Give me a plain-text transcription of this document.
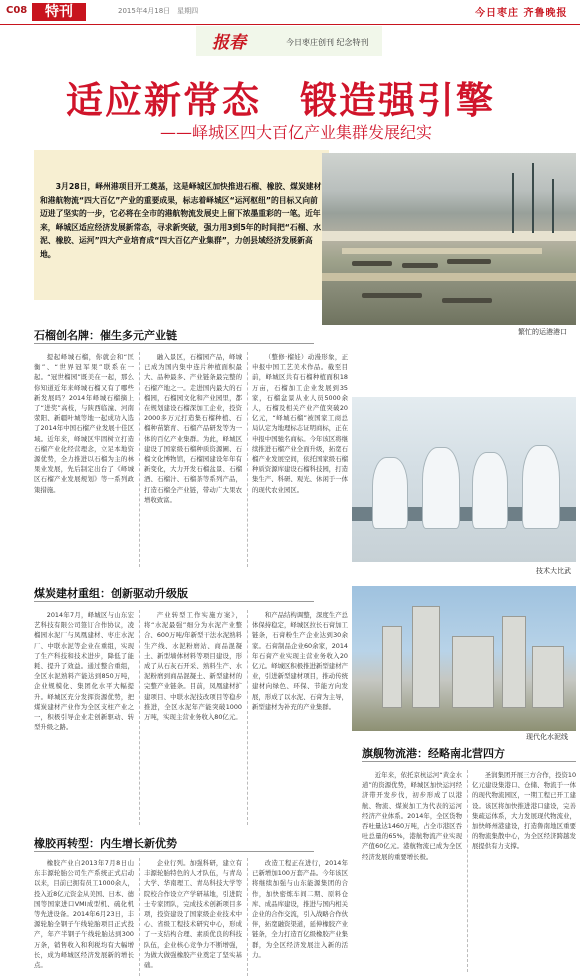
C08	特刊	2015年4月18日　星期四	今日枣庄 齐鲁晚报
报春	今日枣庄创刊 纪念特刊
适应新常态　锻造强引擎
——峄城区四大百亿产业集群发展纪实
3月28日，峄州港项目开工奠基，这是峄城区加快推进石榴、橡胶、煤炭建材和港航物流“四大百亿”产业的重要成果，标志着峄城区“运河枢纽”的目标又向前迈进了坚实的一步，它必将在全市的港航物流发展史上留下浓墨重彩的一笔。近年来，峄城区适应经济发展新常态，寻求新突破，强力用3到5年的时间把“石榴、水泥、橡胶、运河”四大产业培育成“四大百亿产业集群”，力创县域经济发展新高地。
繁忙的运港港口
技术大比武
现代化水泥线
石榴创名牌：催生多元产业链

提起峄城石榴，你就会和“匡衡”、“世界冠军果”联系在一起。“冠世榴园”既美在一起，那么你知道近年来峄城石榴又有了哪些新发展吗？2014年峄城石榴摘上了“进奖”高枝，与陕西临潼、河南荥阳、新疆叶城等地一起成功入选了2014年中国石榴产业发展十佳区域。近年来，峄城区牢固树立打造石榴产业化经营理念，立足本地资源优势，全力推进以石榴为主的林果业发展，先后制定出台了《峄城区石榴产业发展规划》等一系列政策措施。

融入景区，石榴园产品，峄城已成为国内集中连片种植面积最大、品种最多、产业链条最完整的石榴产地之一。走进国内最大的石榴园，石榴园文化和产业园里，都在规划建设石榴深加工企业，投资2000多万元打造集石榴种植、石榴种苗繁育、石榴产品研发等为一体的百亿产业集群。为此，峄城区建设了国家级石榴种质资源圃、石榴文化博物馆，石榴园建设年年有新变化，大力开发石榴盆景、石榴酒、石榴汁、石榴茶等系列产品，打造石榴全产业链，带动广大果农增收致富。

（整修·榴娃）动漫形象，正申报中国工艺美术作品。截至目前，峄城区共有石榴种植面积18万亩，石榴加工企业发展到35家，石榴盆景从业人员5000余人，石榴及相关产业产值突破20亿元，“峄城石榴”被国家工商总局认定为地理标志证明商标，正在申报中国驰名商标。今年该区将继续推进石榴产业全面升级，拓宽石榴产业发展空间，依托国家级石榴种质资源库建设石榴科技园，打造集生产、科研、观光、休闲于一体的现代农业园区。

煤炭建材重组：创新驱动升级版

2014年7月，峄城区与山东宏艺科技有限公司签订合作协议，凌榴园水泥厂与凤凰建材、枣庄水泥厂、中联水泥等企业在重组，实现了生产科技和技术进步，降低了能耗、提升了效益。通过整合重组，全区水泥熟料产能达到850万吨，企业规模化、集团化水平大幅提升。峄城区充分发挥资源优势，把煤炭建材产业作为全区支柱产业之一，积极引导企业走创新驱动、转型升级之路。

产业转型工作实施方案》，将“水泥最强”细分为水泥产业整合、600万吨/年新型干法水泥熟料生产线、水泥粉磨站、商品混凝土、新型墙体材料等项目建设，形成了从石灰石开采、熟料生产、水泥粉磨到商品混凝土、新型建材的完整产业链条。目前，凤凰建材扩建项目、中联水泥技改项目等稳步推进，全区水泥年产能突破1000万吨，实现主营业务收入80亿元。

和产品结构调整，深度生产总体保持稳定，峄城区拉长石膏加工链条，石膏粉生产企业达到30余家。石膏制品企业60余家，2014年石膏产业实现主营业务收入20亿元。峄城区积极推进新型建材产业，引进新型建材项目，推动传统建材向绿色、环保、节能方向发展，形成了以水泥、石膏为主导，新型建材为补充的产业集群。

橡胶再转型：内生增长新优势

橡胶产业自2013年7月8日山东丰源轮胎公司生产系统正式启动以来，目前已拥有员工1000余人，投入近8亿元资金从美国、日本、德国等国家进口VMI成型机、硫化机等先进设备。2014年6月23日，丰源轮胎全钢子午线轮胎项目正式投产，年产半钢子午线轮胎达到300万条，销售收入和利税均有大幅增长，成为峄城区经济发展新的增长点。

企业行列。加强科研，建立有丰源轮胎特色的人才队伍，与青岛大学、华南理工、青岛科技大学等院校合作设立产学研基地，引进院士专家团队，完成技术创新项目多项，投资建设了国家级企业技术中心、省级工程技术研究中心，形成了一支结构合理、素质优良的科技队伍，企业核心竞争力不断增强，为做大做强橡胶产业奠定了坚实基础。

改造工程正在进行，2014年已新增加100万套产品。今年该区将继续加强与山东能源集团的合作，加快密炼车间二期、原料仓库、成品库建设，推进与国内相关企业的合作交流，引入战略合作伙伴，拓宽融资渠道，延伸橡胶产业链条，全力打造百亿级橡胶产业集群，为全区经济发展注入新的活力。

旗舰物流港：经略南北营四方

近年来，依托京杭运河“黄金水道”的资源优势，峄城区加快运河经济带开发步伐，初步形成了以港航、物流、煤炭加工为代表的运河经济产业体系。2014年，全区货物吞吐量达1460万吨，占全市港区吞吐总量的65%，港航物流产业实现产值60亿元。港航物流已成为全区经济发展的重要增长极。

圣润集团开展三方合作，投资10亿元建设集港口、仓储、物流于一体的现代物流园区，一期工程已开工建设。该区将加快推进港口建设，完善集疏运体系，大力发展现代物流业，加快峄州港建设，打造鲁南地区重要的物流集散中心，为全区经济跨越发展提供有力支撑。
